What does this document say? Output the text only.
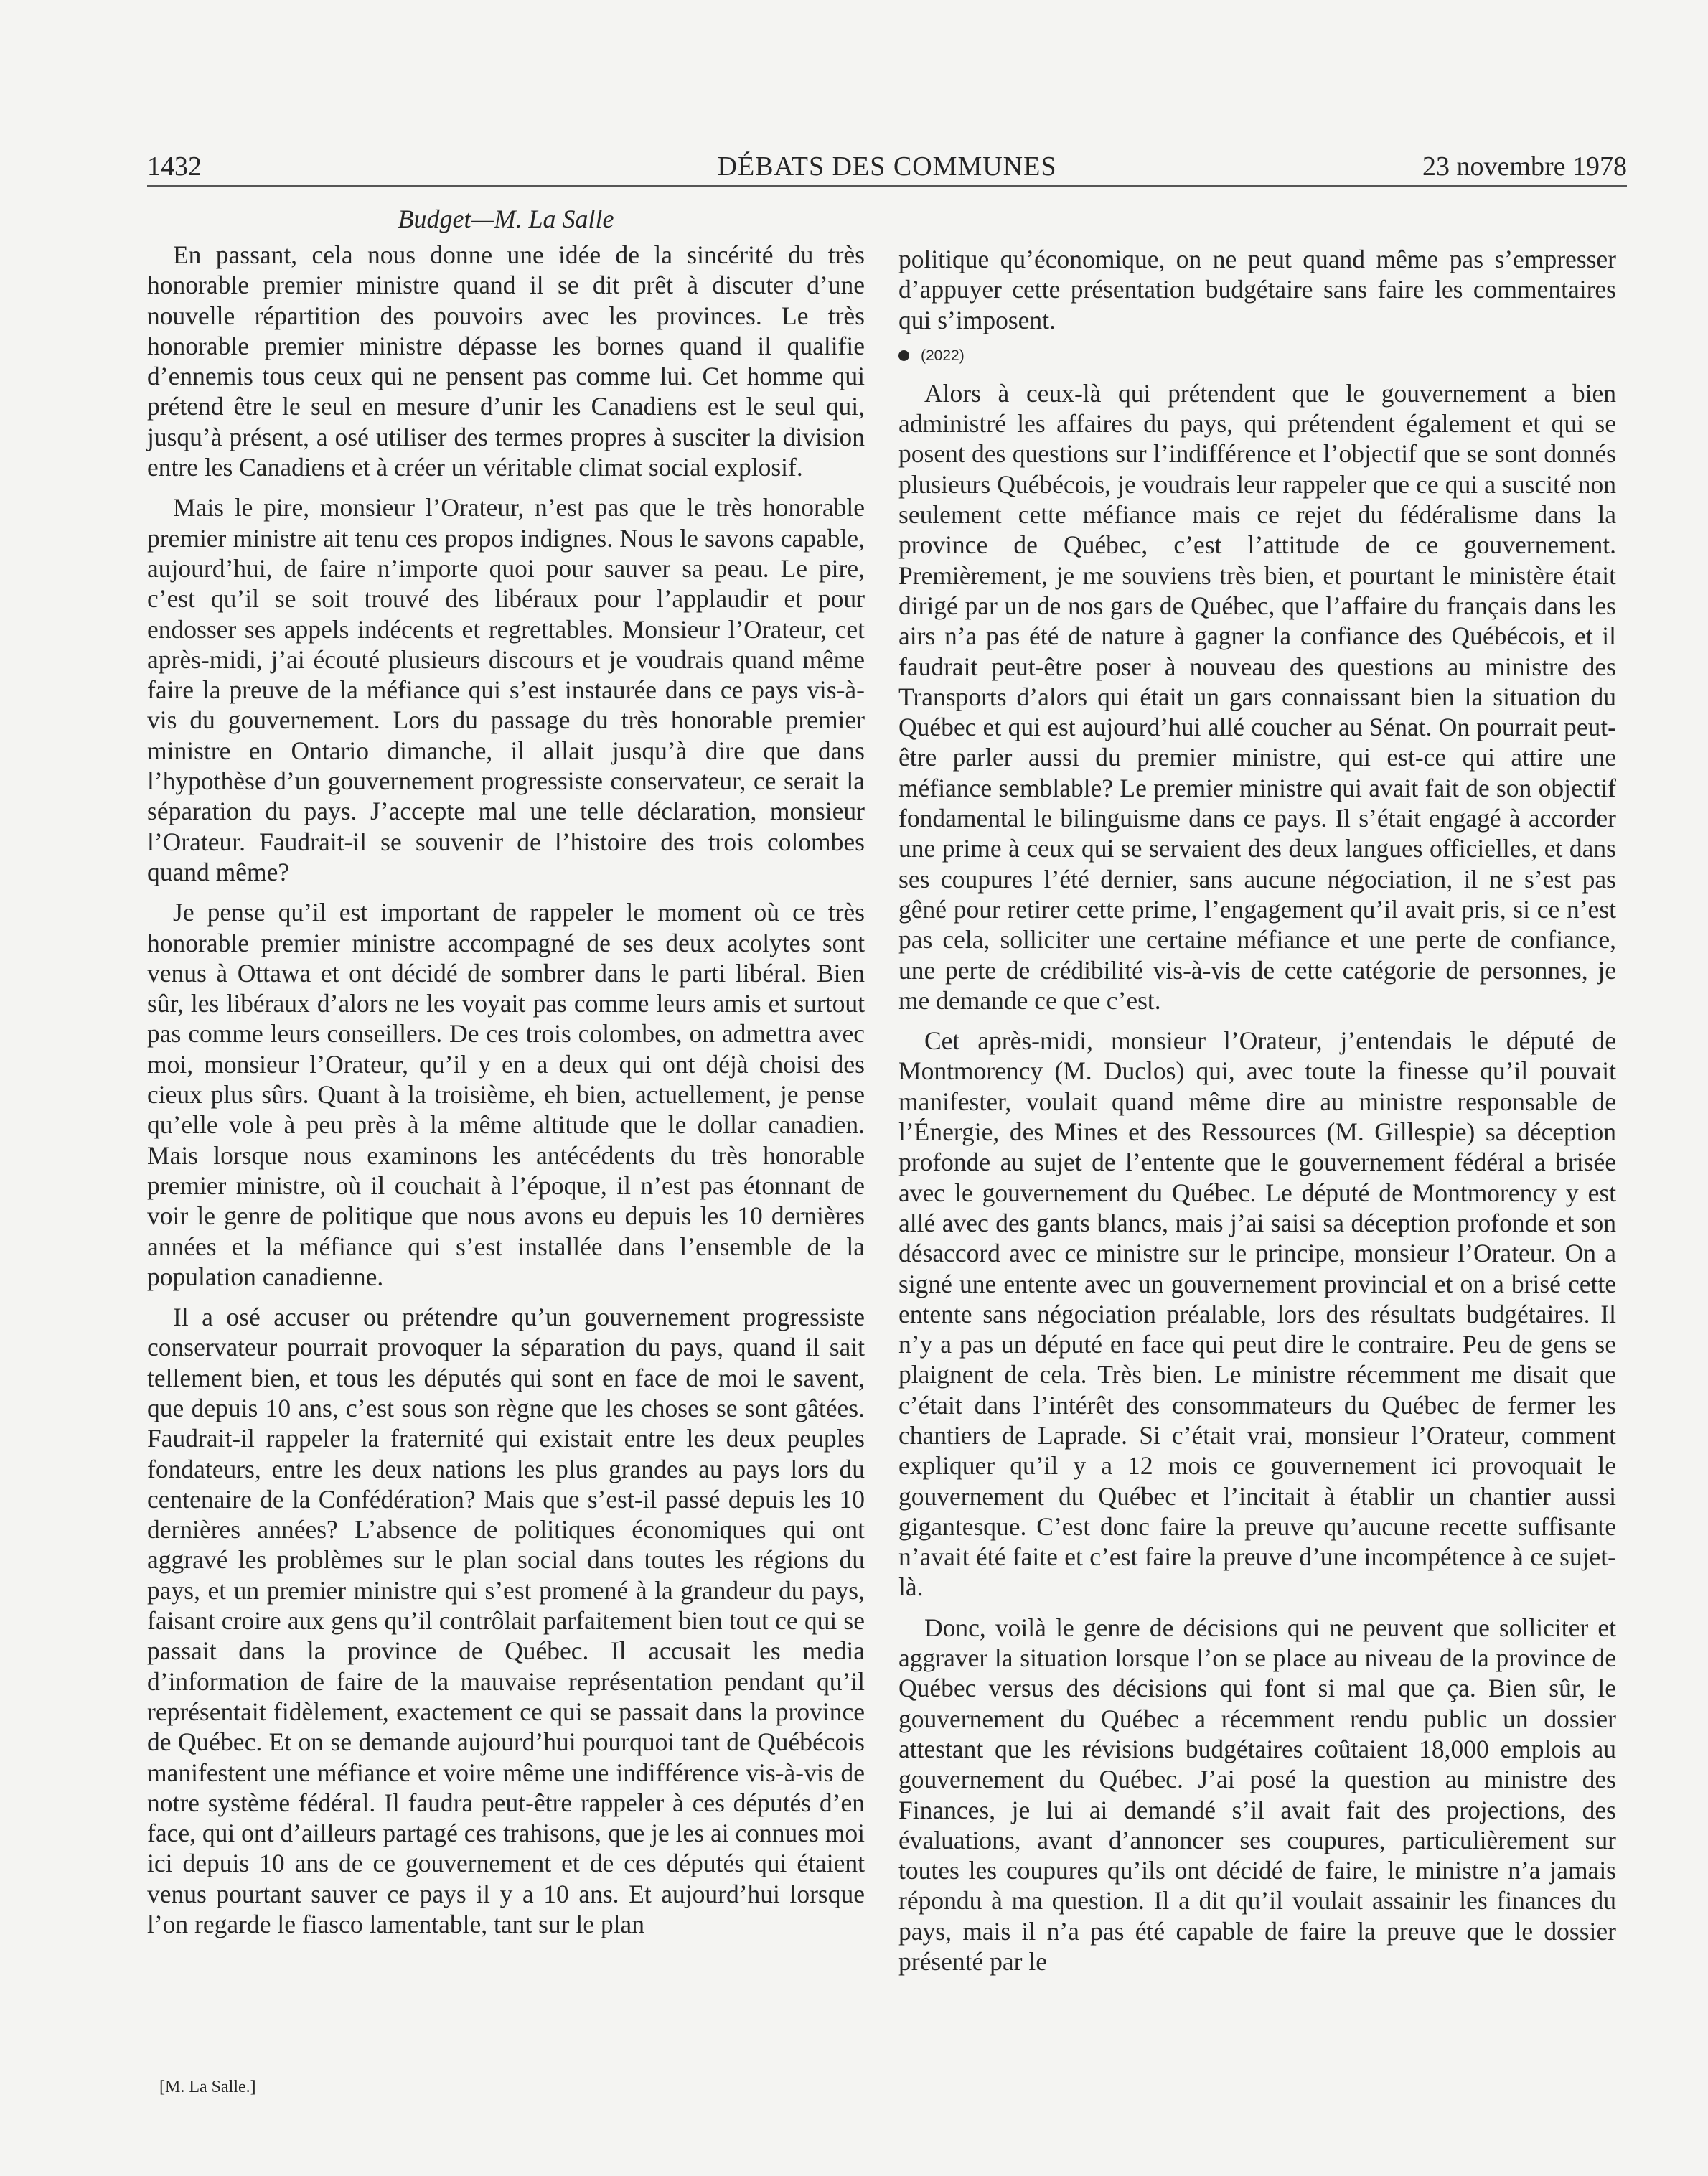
1432	DÉBATS DES COMMUNES	23 novembre 1978
Budget—M. La Salle

En passant, cela nous donne une idée de la sincérité du très honorable premier ministre quand il se dit prêt à discuter d’une nouvelle répartition des pouvoirs avec les provinces. Le très honorable premier ministre dépasse les bornes quand il qualifie d’ennemis tous ceux qui ne pensent pas comme lui. Cet homme qui prétend être le seul en mesure d’unir les Canadiens est le seul qui, jusqu’à présent, a osé utiliser des termes propres à susciter la division entre les Canadiens et à créer un véritable climat social explosif.

Mais le pire, monsieur l’Orateur, n’est pas que le très honorable premier ministre ait tenu ces propos indignes. Nous le savons capable, aujourd’hui, de faire n’importe quoi pour sauver sa peau. Le pire, c’est qu’il se soit trouvé des libéraux pour l’applaudir et pour endosser ses appels indécents et regrettables. Monsieur l’Orateur, cet après-midi, j’ai écouté plusieurs discours et je voudrais quand même faire la preuve de la méfiance qui s’est instaurée dans ce pays vis-à-vis du gouvernement. Lors du passage du très honorable premier ministre en Ontario dimanche, il allait jusqu’à dire que dans l’hypothèse d’un gouvernement progressiste conservateur, ce serait la séparation du pays. J’accepte mal une telle déclaration, monsieur l’Orateur. Faudrait-il se souvenir de l’histoire des trois colombes quand même?

Je pense qu’il est important de rappeler le moment où ce très honorable premier ministre accompagné de ses deux acolytes sont venus à Ottawa et ont décidé de sombrer dans le parti libéral. Bien sûr, les libéraux d’alors ne les voyait pas comme leurs amis et surtout pas comme leurs conseillers. De ces trois colombes, on admettra avec moi, monsieur l’Orateur, qu’il y en a deux qui ont déjà choisi des cieux plus sûrs. Quant à la troisième, eh bien, actuellement, je pense qu’elle vole à peu près à la même altitude que le dollar canadien. Mais lorsque nous examinons les antécédents du très honorable premier ministre, où il couchait à l’époque, il n’est pas étonnant de voir le genre de politique que nous avons eu depuis les 10 dernières années et la méfiance qui s’est installée dans l’ensemble de la population canadienne.

Il a osé accuser ou prétendre qu’un gouvernement progressiste conservateur pourrait provoquer la séparation du pays, quand il sait tellement bien, et tous les députés qui sont en face de moi le savent, que depuis 10 ans, c’est sous son règne que les choses se sont gâtées. Faudrait-il rappeler la fraternité qui existait entre les deux peuples fondateurs, entre les deux nations les plus grandes au pays lors du centenaire de la Confédération? Mais que s’est-il passé depuis les 10 dernières années? L’absence de politiques économiques qui ont aggravé les problèmes sur le plan social dans toutes les régions du pays, et un premier ministre qui s’est promené à la grandeur du pays, faisant croire aux gens qu’il contrôlait parfaitement bien tout ce qui se passait dans la province de Québec. Il accusait les media d’information de faire de la mauvaise représentation pendant qu’il représentait fidèlement, exactement ce qui se passait dans la province de Québec. Et on se demande aujourd’hui pourquoi tant de Québécois manifestent une méfiance et voire même une indifférence vis-à-vis de notre système fédéral. Il faudra peut-être rappeler à ces députés d’en face, qui ont d’ailleurs partagé ces trahisons, que je les ai connues moi ici depuis 10 ans de ce gouvernement et de ces députés qui étaient venus pourtant sauver ce pays il y a 10 ans. Et aujourd’hui lorsque l’on regarde le fiasco lamentable, tant sur le plan

[M. La Salle.]

politique qu’économique, on ne peut quand même pas s’empresser d’appuyer cette présentation budgétaire sans faire les commentaires qui s’imposent.

(2022)

Alors à ceux-là qui prétendent que le gouvernement a bien administré les affaires du pays, qui prétendent également et qui se posent des questions sur l’indifférence et l’objectif que se sont donnés plusieurs Québécois, je voudrais leur rappeler que ce qui a suscité non seulement cette méfiance mais ce rejet du fédéralisme dans la province de Québec, c’est l’attitude de ce gouvernement. Premièrement, je me souviens très bien, et pourtant le ministère était dirigé par un de nos gars de Québec, que l’affaire du français dans les airs n’a pas été de nature à gagner la confiance des Québécois, et il faudrait peut-être poser à nouveau des questions au ministre des Transports d’alors qui était un gars connaissant bien la situation du Québec et qui est aujourd’hui allé coucher au Sénat. On pourrait peut-être parler aussi du premier ministre, qui est-ce qui attire une méfiance semblable? Le premier ministre qui avait fait de son objectif fondamental le bilinguisme dans ce pays. Il s’était engagé à accorder une prime à ceux qui se servaient des deux langues officielles, et dans ses coupures l’été dernier, sans aucune négociation, il ne s’est pas gêné pour retirer cette prime, l’engagement qu’il avait pris, si ce n’est pas cela, solliciter une certaine méfiance et une perte de confiance, une perte de crédibilité vis-à-vis de cette catégorie de personnes, je me demande ce que c’est.

Cet après-midi, monsieur l’Orateur, j’entendais le député de Montmorency (M. Duclos) qui, avec toute la finesse qu’il pouvait manifester, voulait quand même dire au ministre responsable de l’Énergie, des Mines et des Ressources (M. Gillespie) sa déception profonde au sujet de l’entente que le gouvernement fédéral a brisée avec le gouvernement du Québec. Le député de Montmorency y est allé avec des gants blancs, mais j’ai saisi sa déception profonde et son désaccord avec ce ministre sur le principe, monsieur l’Orateur. On a signé une entente avec un gouvernement provincial et on a brisé cette entente sans négociation préalable, lors des résultats budgétaires. Il n’y a pas un député en face qui peut dire le contraire. Peu de gens se plaignent de cela. Très bien. Le ministre récemment me disait que c’était dans l’intérêt des consommateurs du Québec de fermer les chantiers de Laprade. Si c’était vrai, monsieur l’Orateur, comment expliquer qu’il y a 12 mois ce gouvernement ici provoquait le gouvernement du Québec et l’incitait à établir un chantier aussi gigantesque. C’est donc faire la preuve qu’aucune recette suffisante n’avait été faite et c’est faire la preuve d’une incompétence à ce sujet-là.

Donc, voilà le genre de décisions qui ne peuvent que solliciter et aggraver la situation lorsque l’on se place au niveau de la province de Québec versus des décisions qui font si mal que ça. Bien sûr, le gouvernement du Québec a récemment rendu public un dossier attestant que les révisions budgétaires coûtaient 18,000 emplois au gouvernement du Québec. J’ai posé la question au ministre des Finances, je lui ai demandé s’il avait fait des projections, des évaluations, avant d’annoncer ses coupures, particulièrement sur toutes les coupures qu’ils ont décidé de faire, le ministre n’a jamais répondu à ma question. Il a dit qu’il voulait assainir les finances du pays, mais il n’a pas été capable de faire la preuve que le dossier présenté par le
